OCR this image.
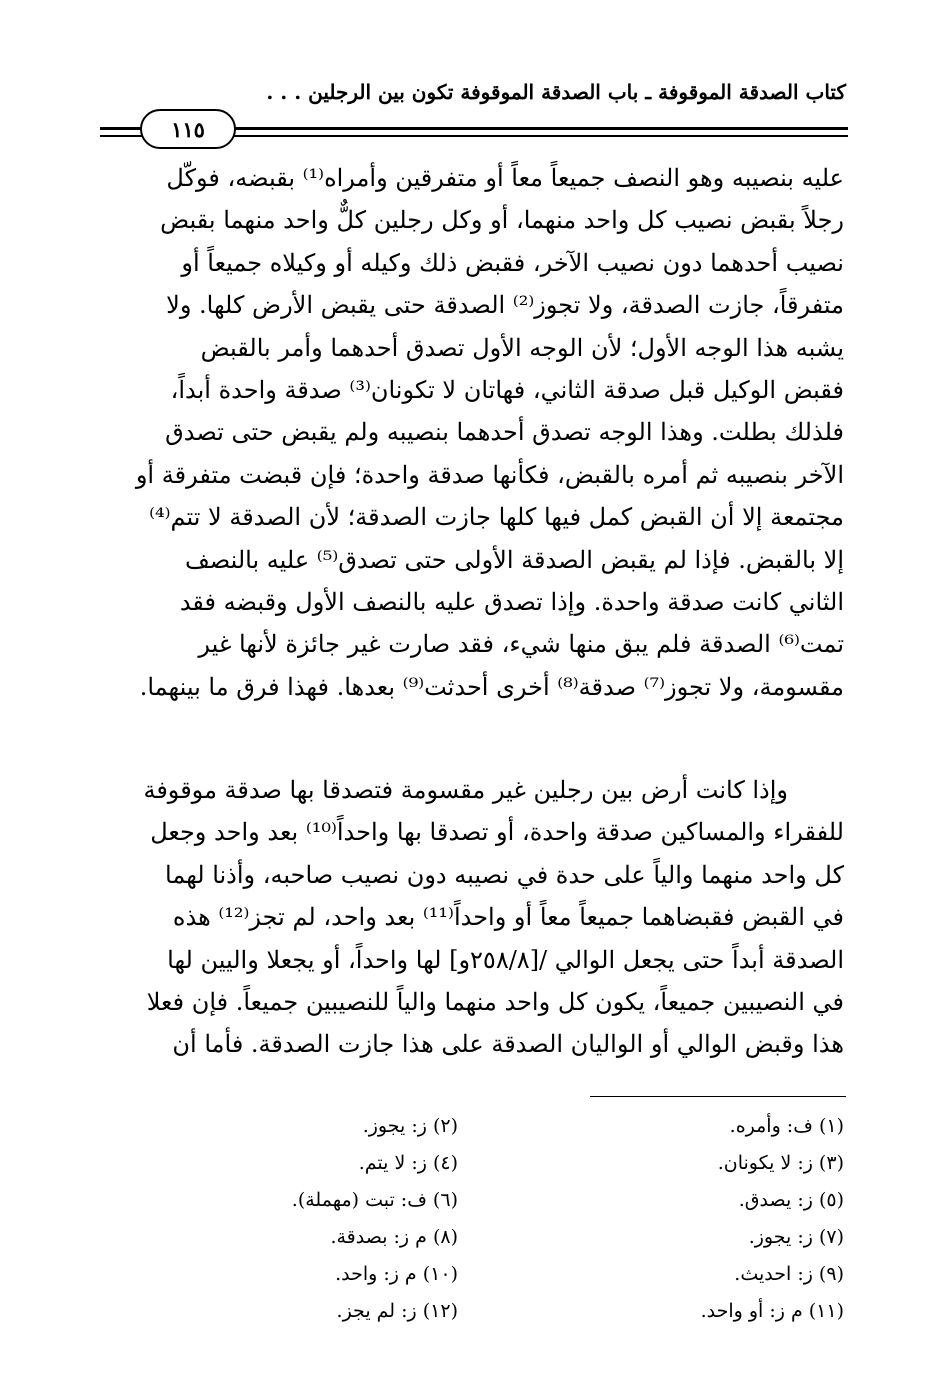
كتاب الصدقة الموقوفة ـ باب الصدقة الموقوفة تكون بين الرجلين . . .
١١٥
عليه بنصيبه وهو النصف جميعاً معاً أو متفرقين وأمراه⁽¹⁾ بقبضه، فوكّل
رجلاً بقبض نصيب كل واحد منهما، أو وكل رجلين كلٌّ واحد منهما بقبض
نصيب أحدهما دون نصيب الآخر، فقبض ذلك وكيله أو وكيلاه جميعاً أو
متفرقاً، جازت الصدقة، ولا تجوز⁽²⁾ الصدقة حتى يقبض الأرض كلها. ولا
يشبه هذا الوجه الأول؛ لأن الوجه الأول تصدق أحدهما وأمر بالقبض
فقبض الوكيل قبل صدقة الثاني، فهاتان لا تكونان⁽³⁾ صدقة واحدة أبداً،
فلذلك بطلت. وهذا الوجه تصدق أحدهما بنصيبه ولم يقبض حتى تصدق
الآخر بنصيبه ثم أمره بالقبض، فكأنها صدقة واحدة؛ فإن قبضت متفرقة أو
مجتمعة إلا أن القبض كمل فيها كلها جازت الصدقة؛ لأن الصدقة لا تتم⁽⁴⁾
إلا بالقبض. فإذا لم يقبض الصدقة الأولى حتى تصدق⁽⁵⁾ عليه بالنصف
الثاني كانت صدقة واحدة. وإذا تصدق عليه بالنصف الأول وقبضه فقد
تمت⁽⁶⁾ الصدقة فلم يبق منها شيء، فقد صارت غير جائزة لأنها غير
مقسومة، ولا تجوز⁽⁷⁾ صدقة⁽⁸⁾ أخرى أحدثت⁽⁹⁾ بعدها. فهذا فرق ما بينهما.
وإذا كانت أرض بين رجلين غير مقسومة فتصدقا بها صدقة موقوفة
للفقراء والمساكين صدقة واحدة، أو تصدقا بها واحداً⁽¹⁰⁾ بعد واحد وجعل
كل واحد منهما والياً على حدة في نصيبه دون نصيب صاحبه، وأذنا لهما
في القبض فقبضاهما جميعاً معاً أو واحداً⁽¹¹⁾ بعد واحد، لم تجز⁽¹²⁾ هذه
الصدقة أبداً حتى يجعل الوالي /[٢٥٨/٨و] لها واحداً، أو يجعلا واليين لها
في النصيبين جميعاً، يكون كل واحد منهما والياً للنصيبين جميعاً. فإن فعلا
هذا وقبض الوالي أو الواليان الصدقة على هذا جازت الصدقة. فأما أن
(١) ف: وأمره.
(٣) ز: لا يكونان.
(٥) ز: يصدق.
(٧) ز: يجوز.
(٩) ز: احديث.
(١١) م ز: أو واحد.
(٢) ز: يجوز.
(٤) ز: لا يتم.
(٦) ف: تبت (مهملة).
(٨) م ز: بصدقة.
(١٠) م ز: واحد.
(١٢) ز: لم يجز.
